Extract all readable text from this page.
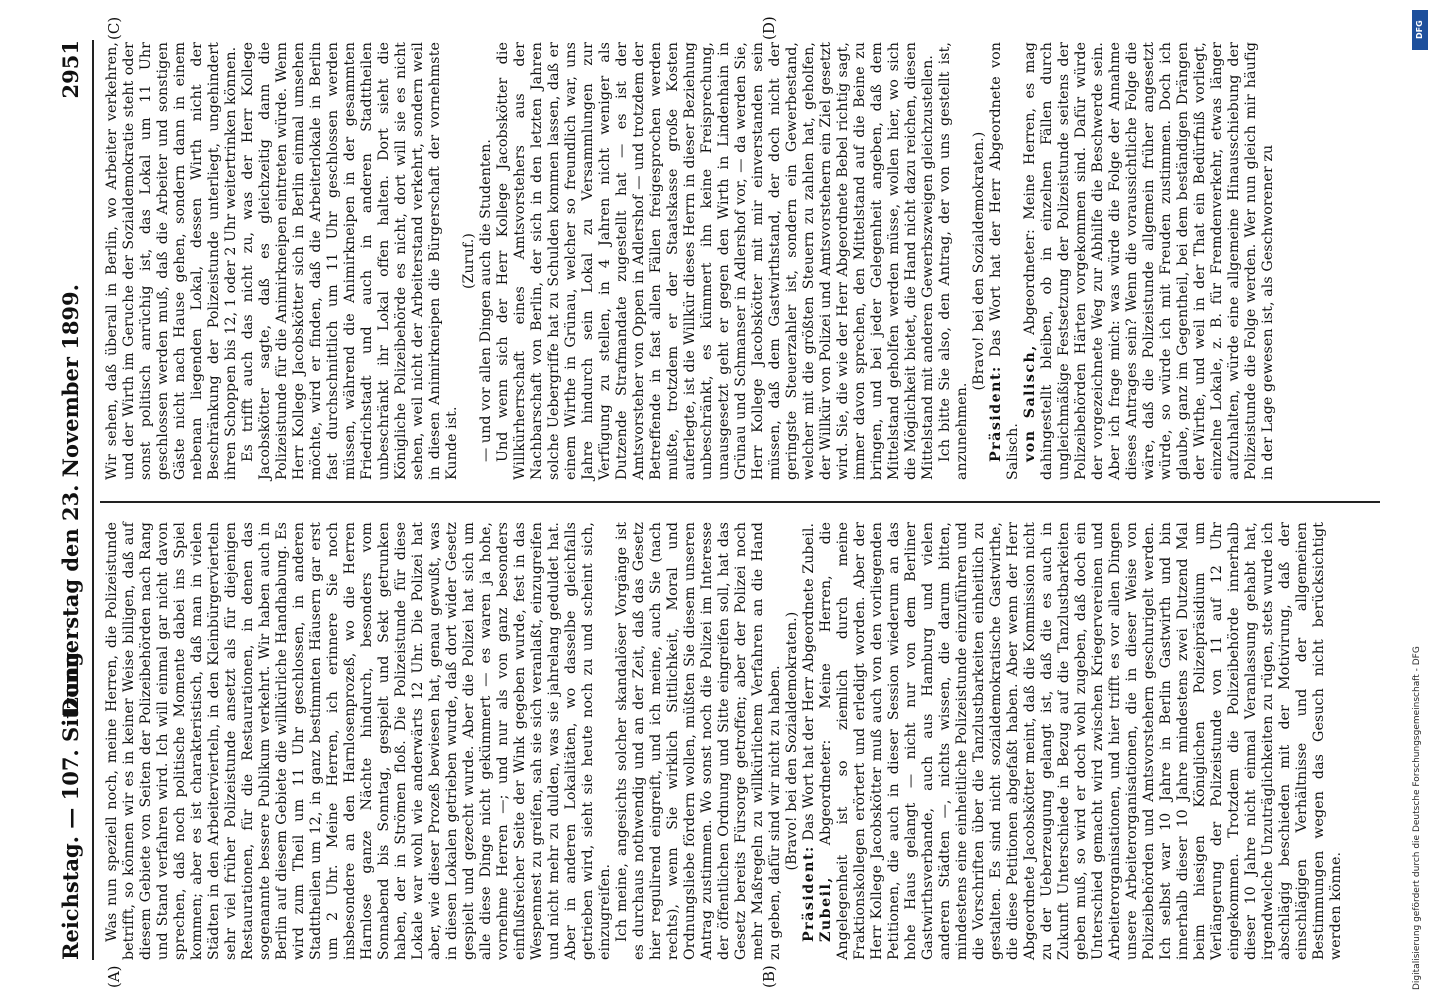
Reichstag. — 107. Sitzung.
Donnerstag den 23. November 1899.
2951
(A)	(B)
(C)	(D)

Was nun speziell noch, meine Herren, die Polizeistunde betrifft, so können wir es in keiner Weise billigen, daß auf diesem Gebiete von Seiten der Polizeibehörden nach Rang und Stand verfahren wird. Ich will einmal gar nicht davon sprechen, daß noch politische Momente dabei ins Spiel kommen; aber es ist charakteristisch, daß man in vielen Städten in den Arbeitervierteln, in den Kleinbürgervierteln sehr viel früher Polizeistunde ansetzt als für diejenigen Restaurationen, für die Restaurationen, in denen das sogenannte bessere Publikum verkehrt. Wir haben auch in Berlin auf diesem Gebiete die willkürliche Handhabung. Es wird zum Theil um 11 Uhr geschlossen, in anderen Stadttheilen um 12, in ganz bestimmten Häusern gar erst um 2 Uhr. Meine Herren, ich erinnere Sie noch insbesondere an den Harnlosenprozeß, wo die Herren Harnlose ganze Nächte hindurch, besonders vom Sonnabend bis Sonntag, gespielt und Sekt getrunken haben, der in Strömen floß. Die Polizeistunde für diese Lokale war wohl wie anderwärts 12 Uhr. Die Polizei hat aber, wie dieser Prozeß bewiesen hat, genau gewußt, was in diesen Lokalen getrieben wurde, daß dort wider Gesetz gespielt und gezecht wurde. Aber die Polizei hat sich um alle diese Dinge nicht gekümmert — es waren ja hohe, vornehme Herren —; und nur als von ganz besonders einflußreicher Seite der Wink gegeben wurde, fest in das Wespennest zu greifen, sah sie sich veranlaßt, einzugreifen und nicht mehr zu dulden, was sie jahrelang geduldet hat. Aber in anderen Lokalitäten, wo dasselbe gleichfalls getrieben wird, sieht sie heute noch zu und scheint sich, einzugreifen. Ich meine, angesichts solcher skandalöser Vorgänge ist es durchaus nothwendig und an der Zeit, daß das Gesetz hier regulirend eingreift, und ich meine, auch Sie (nach rechts), wenn Sie wirklich Sittlichkeit, Moral und Ordnungsliebe fördern wollen, müßten Sie diesem unseren Antrag zustimmen. Wo sonst noch die Polizei im Interesse der öffentlichen Ordnung und Sitte eingreifen soll, hat das Gesetz bereits Fürsorge getroffen; aber der Polizei noch mehr Maßregeln zu willkürlichem Verfahren an die Hand zu geben, dafür sind wir nicht zu haben. (Bravo! bei den Sozialdemokraten.)

Präsident: Das Wort hat der Herr Abgeordnete Zubeil.

Zubeil, Abgeordneter: Meine Herren, die Angelegenheit ist so ziemlich durch meine Fraktionskollegen erörtert und erledigt worden. Aber der Herr Kollege Jacobskötter muß auch von den vorliegenden Petitionen, die auch in dieser Session wiederum an das hohe Haus gelangt — nicht nur von dem Berliner Gastwirthsverbande, auch aus Hamburg und vielen anderen Städten —, nichts wissen, die darum bitten, mindestens eine einheitliche Polizeistunde einzuführen und die Vorschriften über die Tanzlustbarkeiten einheitlich zu gestalten. Es sind nicht sozialdemokratische Gastwirthe, die diese Petitionen abgefaßt haben. Aber wenn der Herr Abgeordnete Jacobskötter meint, daß die Kommission nicht zu der Ueberzeugung gelangt ist, daß die es auch in Zukunft Unterschiede in Bezug auf die Tanzlustbarkeiten geben muß, so wird er doch wohl zugeben, daß doch ein Unterschied gemacht wird zwischen Kriegervereinen und Arbeiterorganisationen, und hier trifft es vor allen Dingen unsere Arbeiterorganisationen, die in dieser Weise von Polizeibehörden und Amtsvorstehern geschurigelt werden. Ich selbst war 10 Jahre in Berlin Gastwirth und bin innerhalb dieser 10 Jahre mindestens zwei Dutzend Mal beim hiesigen Königlichen Polizeipräsidium um Verlängerung der Polizeistunde von 11 auf 12 Uhr eingekommen. Trotzdem die Polizeibehörde innerhalb dieser 10 Jahre nicht einmal Veranlassung gehabt hat, irgendwelche Unzuträglichkeiten zu rügen, stets wurde ich abschlägig beschieden mit der Motivirung, daß der einschlägigen Verhältnisse und der allgemeinen Bestimmungen wegen das Gesuch nicht berücksichtigt werden könne.

Wir sehen, daß überall in Berlin, wo Arbeiter verkehren, und der Wirth im Geruche der Sozialdemokratie steht oder sonst politisch anrüchig ist, das Lokal um 11 Uhr geschlossen werden muß, daß die Arbeiter und sonstigen Gäste nicht nach Hause gehen, sondern dann in einem nebenan liegenden Lokal, dessen Wirth nicht der Beschränkung der Polizeistunde unterliegt, ungehindert ihren Schoppen bis 12, 1 oder 2 Uhr weitertrinken können. Es trifft auch das nicht zu, was der Herr Kollege Jacobskötter sagte, daß es gleichzeitig dann die Polizeistunde für die Animirkneipen eintreten würde. Wenn Herr Kollege Jacobskötter sich in Berlin einmal umsehen möchte, wird er finden, daß die Arbeiterlokale in Berlin fast durchschnittlich um 11 Uhr geschlossen werden müssen, während die Animirkneipen in der gesammten Friedrichstadt und auch in anderen Stadttheilen unbeschränkt ihr Lokal offen halten. Dort sieht die Königliche Polizeibehörde es nicht, dort will sie es nicht sehen, weil nicht der Arbeiterstand verkehrt, sondern weil in diesen Animirkneipen die Bürgerschaft der vornehmste Kunde ist.

(Zuruf.) — und vor allen Dingen auch die Studenten. Und wenn sich der Herr Kollege Jacobskötter die Willkürherrschaft eines Amtsvorstehers aus der Nachbarschaft von Berlin, der sich in den letzten Jahren solche Uebergriffe hat zu Schulden kommen lassen, daß er einem Wirthe in Grünau, welcher so freundlich war, uns Jahre hindurch sein Lokal zu Versammlungen zur Verfügung zu stellen, in 4 Jahren nicht weniger als Dutzende Strafmandate zugestellt hat — es ist der Amtsvorsteher von Oppen in Adlershof — und trotzdem der Betreffende in fast allen Fällen freigesprochen werden mußte, trotzdem er der Staatskasse große Kosten auferlegte, ist die Willkür dieses Herrn in dieser Beziehung unbeschränkt, es kümmert ihn keine Freisprechung, unausgesetzt geht er gegen den Wirth in Lindenhain in Grünau und Schmanser in Adlershof vor, — da werden Sie, Herr Kollege Jacobskötter mit mir einverstanden sein müssen, daß dem Gastwirthstand, der doch nicht der geringste Steuerzahler ist, sondern ein Gewerbestand, welcher mit die größten Steuern zu zahlen hat, geholfen, der Willkür von Polizei und Amtsvorstehern ein Ziel gesetzt wird. Sie, die wie der Herr Abgeordnete Bebel richtig sagt, immer davon sprechen, den Mittelstand auf die Beine zu bringen, und bei jeder Gelegenheit angeben, daß dem Mittelstand geholfen werden müsse, wollen hier, wo sich die Möglichkeit bietet, die Hand nicht dazu reichen, diesen Mittelstand mit anderen Gewerbszweigen gleichzustellen. Ich bitte Sie also, den Antrag, der von uns gestellt ist, anzunehmen.

(Bravo! bei den Sozialdemokraten.)

Präsident: Das Wort hat der Herr Abgeordnete von Salisch. von Salisch, Abgeordneter: Meine Herren, es mag dahingestellt bleiben, ob in einzelnen Fällen durch ungleichmäßige Festsetzung der Polizeistunde seitens der Polizeibehörden Härten vorgekommen sind. Dafür würde der vorgezeichnete Weg zur Abhilfe die Beschwerde sein. Aber ich frage mich: was würde die Folge der Annahme dieses Antrages sein? Wenn die voraussichtliche Folge die wäre, daß die Polizeistunde allgemein früher angesetzt würde, so würde ich mit Freuden zustimmen. Doch ich glaube, ganz im Gegentheil, bei dem beständigen Drängen der Wirthe, und weil in der That ein Bedürfniß vorliegt, einzelne Lokale, z. B. für Fremdenverkehr, etwas länger aufzuhalten, würde eine allgemeine Hinausschiebung der Polizeistunde die Folge werden. Wer nun gleich mir häufig in der Lage gewesen ist, als Geschworener zu

DFG
Digitalisierung gefördert durch die Deutsche Forschungsgemeinschaft - DFG
